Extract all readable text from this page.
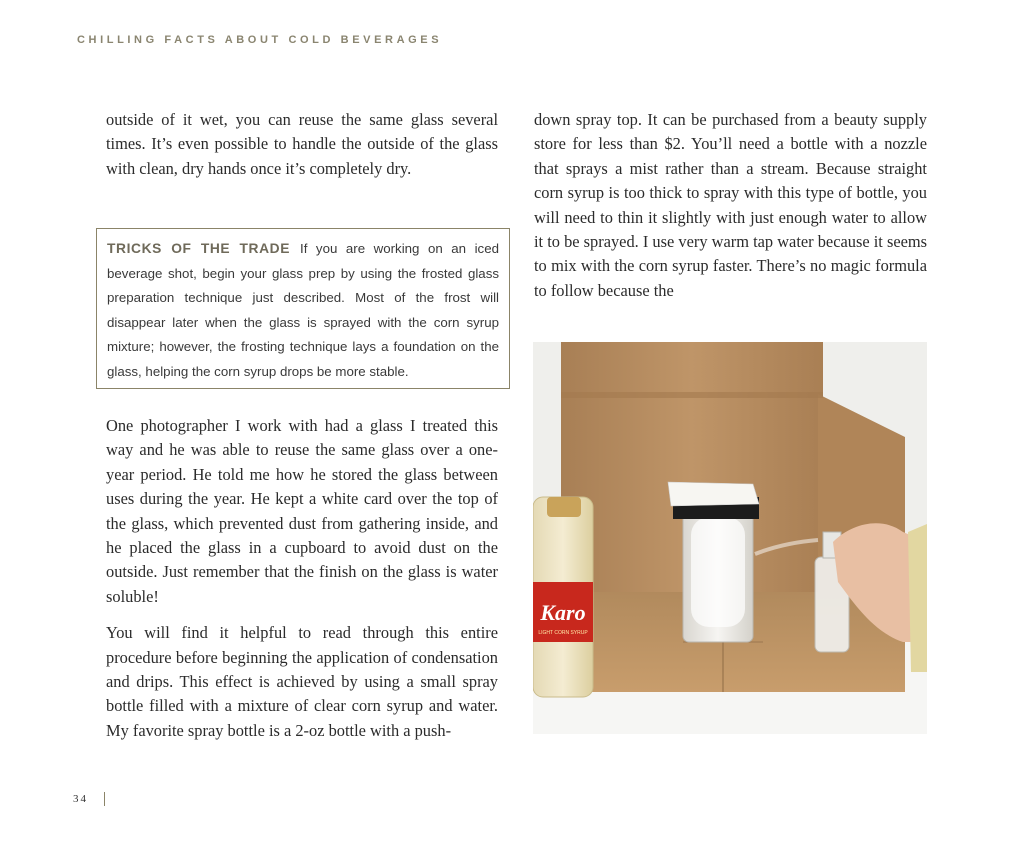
CHILLING FACTS ABOUT COLD BEVERAGES

outside of it wet, you can reuse the same glass several times. It’s even possible to handle the outside of the glass with clean, dry hands once it’s completely dry.

TRICKS OF THE TRADE If you are working on an iced beverage shot, begin your glass prep by using the frosted glass preparation technique just described. Most of the frost will disappear later when the glass is sprayed with the corn syrup mixture; however, the frosting technique lays a foundation on the glass, helping the corn syrup drops be more stable.

One photographer I work with had a glass I treated this way and he was able to reuse the same glass over a one-year period. He told me how he stored the glass between uses during the year. He kept a white card over the top of the glass, which prevented dust from gathering inside, and he placed the glass in a cupboard to avoid dust on the outside. Just remember that the finish on the glass is water soluble!

You will find it helpful to read through this entire procedure before beginning the application of condensation and drips. This effect is achieved by using a small spray bottle filled with a mixture of clear corn syrup and water. My favorite spray bottle is a 2-oz bottle with a push-

down spray top. It can be purchased from a beauty supply store for less than $2. You’ll need a bottle with a nozzle that sprays a mist rather than a stream. Because straight corn syrup is too thick to spray with this type of bottle, you will need to thin it slightly with just enough water to allow it to be sprayed. I use very warm tap water because it seems to mix with the corn syrup faster. There’s no magic formula to follow because the

Karo
LIGHT CORN SYRUP
34
